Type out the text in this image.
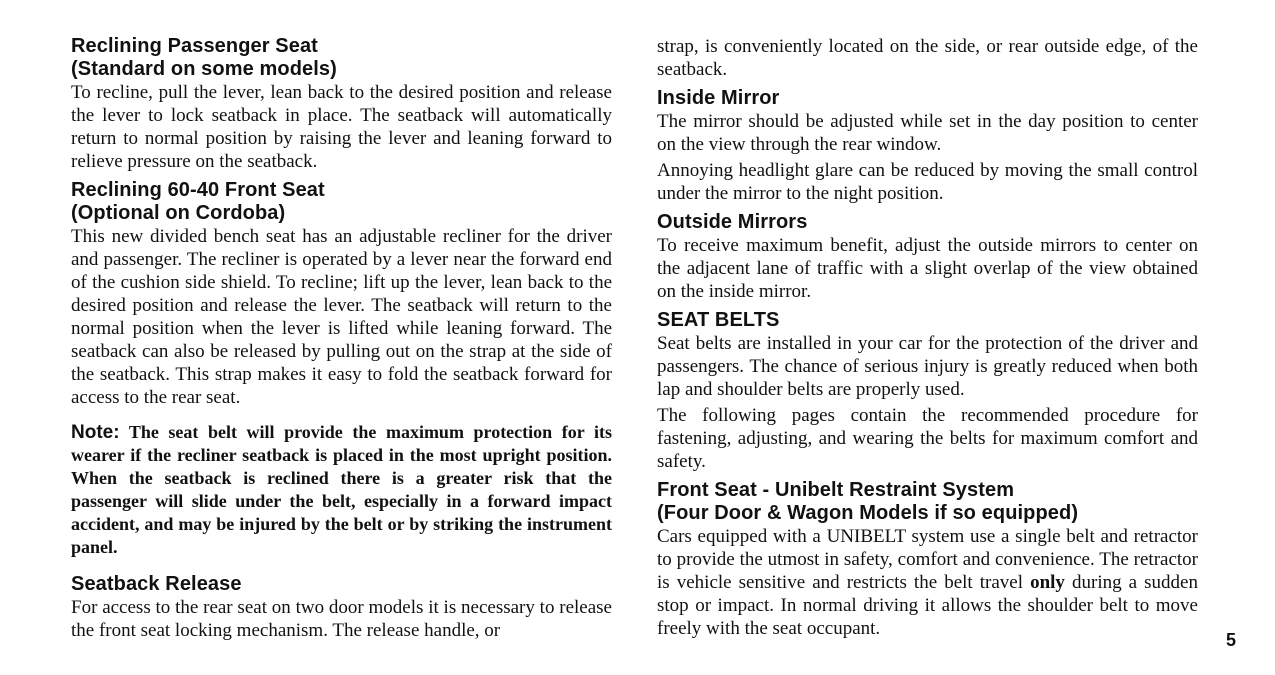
Reclining Passenger Seat
(Standard on some models)

To recline, pull the lever, lean back to the desired position and release the lever to lock seatback in place. The seatback will automatically return to normal position by raising the lever and leaning forward to relieve pressure on the seatback.

Reclining 60-40 Front Seat
(Optional on Cordoba)

This new divided bench seat has an adjustable recliner for the driver and passenger. The recliner is operated by a lever near the forward end of the cushion side shield. To recline; lift up the lever, lean back to the desired position and release the lever. The seatback will return to the normal position when the lever is lifted while leaning forward. The seatback can also be released by pulling out on the strap at the side of the seatback. This strap makes it easy to fold the seatback forward for access to the rear seat.

Note: The seat belt will provide the maximum protection for its wearer if the recliner seatback is placed in the most upright position. When the seatback is reclined there is a greater risk that the passenger will slide under the belt, especially in a forward impact accident, and may be injured by the belt or by striking the instrument panel.

Seatback Release

For access to the rear seat on two door models it is necessary to release the front seat locking mechanism. The release handle, or

strap, is conveniently located on the side, or rear outside edge, of the seatback.

Inside Mirror

The mirror should be adjusted while set in the day position to center on the view through the rear window.

Annoying headlight glare can be reduced by moving the small control under the mirror to the night position.

Outside Mirrors

To receive maximum benefit, adjust the outside mirrors to center on the adjacent lane of traffic with a slight overlap of the view obtained on the inside mirror.

SEAT BELTS

Seat belts are installed in your car for the protection of the driver and passengers. The chance of serious injury is greatly reduced when both lap and shoulder belts are properly used.

The following pages contain the recommended procedure for fastening, adjusting, and wearing the belts for maximum comfort and safety.

Front Seat - Unibelt Restraint System
(Four Door & Wagon Models if so equipped)

Cars equipped with a UNIBELT system use a single belt and retractor to provide the utmost in safety, comfort and convenience. The retractor is vehicle sensitive and restricts the belt travel only during a sudden stop or impact. In normal driving it allows the shoulder belt to move freely with the seat occupant.

5
